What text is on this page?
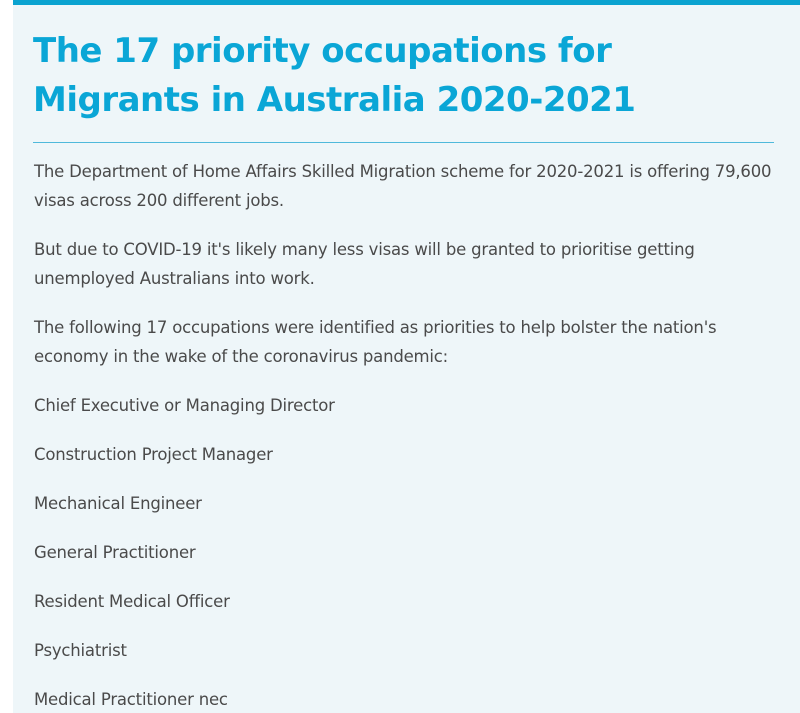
The 17 priority occupations for Migrants in Australia 2020-2021

The Department of Home Affairs Skilled Migration scheme for 2020-2021 is offering 79,600 visas across 200 different jobs.

But due to COVID-19 it's likely many less visas will be granted to prioritise getting unemployed Australians into work.

The following 17 occupations were identified as priorities to help bolster the nation's economy in the wake of the coronavirus pandemic:

Chief Executive or Managing Director
Construction Project Manager
Mechanical Engineer
General Practitioner
Resident Medical Officer
Psychiatrist
Medical Practitioner nec
